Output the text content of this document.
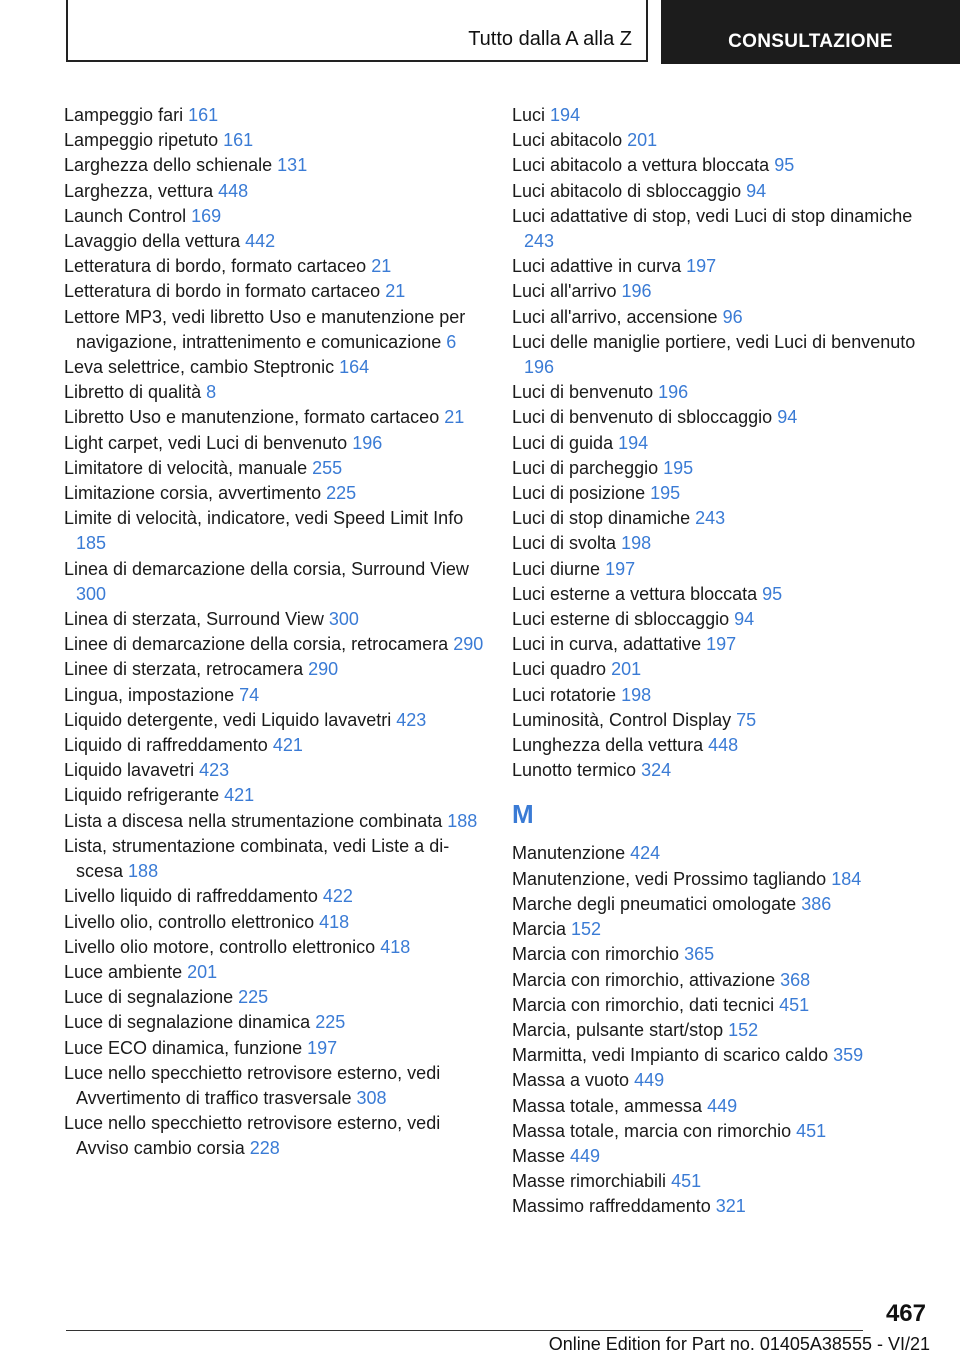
Tutto dalla A alla Z	CONSULTAZIONE
Lampeggio fari 161
Lampeggio ripetuto 161
Larghezza dello schienale 131
Larghezza, vettura 448
Launch Control 169
Lavaggio della vettura 442
Letteratura di bordo, formato cartaceo 21
Letteratura di bordo in formato cartaceo 21
Lettore MP3, vedi libretto Uso e manutenzione per navigazione, intrattenimento e comunicazione 6
Leva selettrice, cambio Steptronic 164
Libretto di qualità 8
Libretto Uso e manutenzione, formato cartaceo 21
Light carpet, vedi Luci di benvenuto 196
Limitatore di velocità, manuale 255
Limitazione corsia, avvertimento 225
Limite di velocità, indicatore, vedi Speed Limit Info 185
Linea di demarcazione della corsia, Surround View 300
Linea di sterzata, Surround View 300
Linee di demarcazione della corsia, retrocamera 290
Linee di sterzata, retrocamera 290
Lingua, impostazione 74
Liquido detergente, vedi Liquido lavavetri 423
Liquido di raffreddamento 421
Liquido lavavetri 423
Liquido refrigerante 421
Lista a discesa nella strumentazione combinata 188
Lista, strumentazione combinata, vedi Liste a discesa 188
Livello liquido di raffreddamento 422
Livello olio, controllo elettronico 418
Livello olio motore, controllo elettronico 418
Luce ambiente 201
Luce di segnalazione 225
Luce di segnalazione dinamica 225
Luce ECO dinamica, funzione 197
Luce nello specchietto retrovisore esterno, vedi Avvertimento di traffico trasversale 308
Luce nello specchietto retrovisore esterno, vedi Avviso cambio corsia 228
Luci 194
Luci abitacolo 201
Luci abitacolo a vettura bloccata 95
Luci abitacolo di sbloccaggio 94
Luci adattative di stop, vedi Luci di stop dinamiche 243
Luci adattive in curva 197
Luci all'arrivo 196
Luci all'arrivo, accensione 96
Luci delle maniglie portiere, vedi Luci di benvenuto 196
Luci di benvenuto 196
Luci di benvenuto di sbloccaggio 94
Luci di guida 194
Luci di parcheggio 195
Luci di posizione 195
Luci di stop dinamiche 243
Luci di svolta 198
Luci diurne 197
Luci esterne a vettura bloccata 95
Luci esterne di sbloccaggio 94
Luci in curva, adattative 197
Luci quadro 201
Luci rotatorie 198
Luminosità, Control Display 75
Lunghezza della vettura 448
Lunotto termico 324
M
Manutenzione 424
Manutenzione, vedi Prossimo tagliando 184
Marche degli pneumatici omologate 386
Marcia 152
Marcia con rimorchio 365
Marcia con rimorchio, attivazione 368
Marcia con rimorchio, dati tecnici 451
Marcia, pulsante start/stop 152
Marmitta, vedi Impianto di scarico caldo 359
Massa a vuoto 449
Massa totale, ammessa 449
Massa totale, marcia con rimorchio 451
Masse 449
Masse rimorchiabili 451
Massimo raffreddamento 321
467
Online Edition for Part no. 01405A38555 - VI/21
